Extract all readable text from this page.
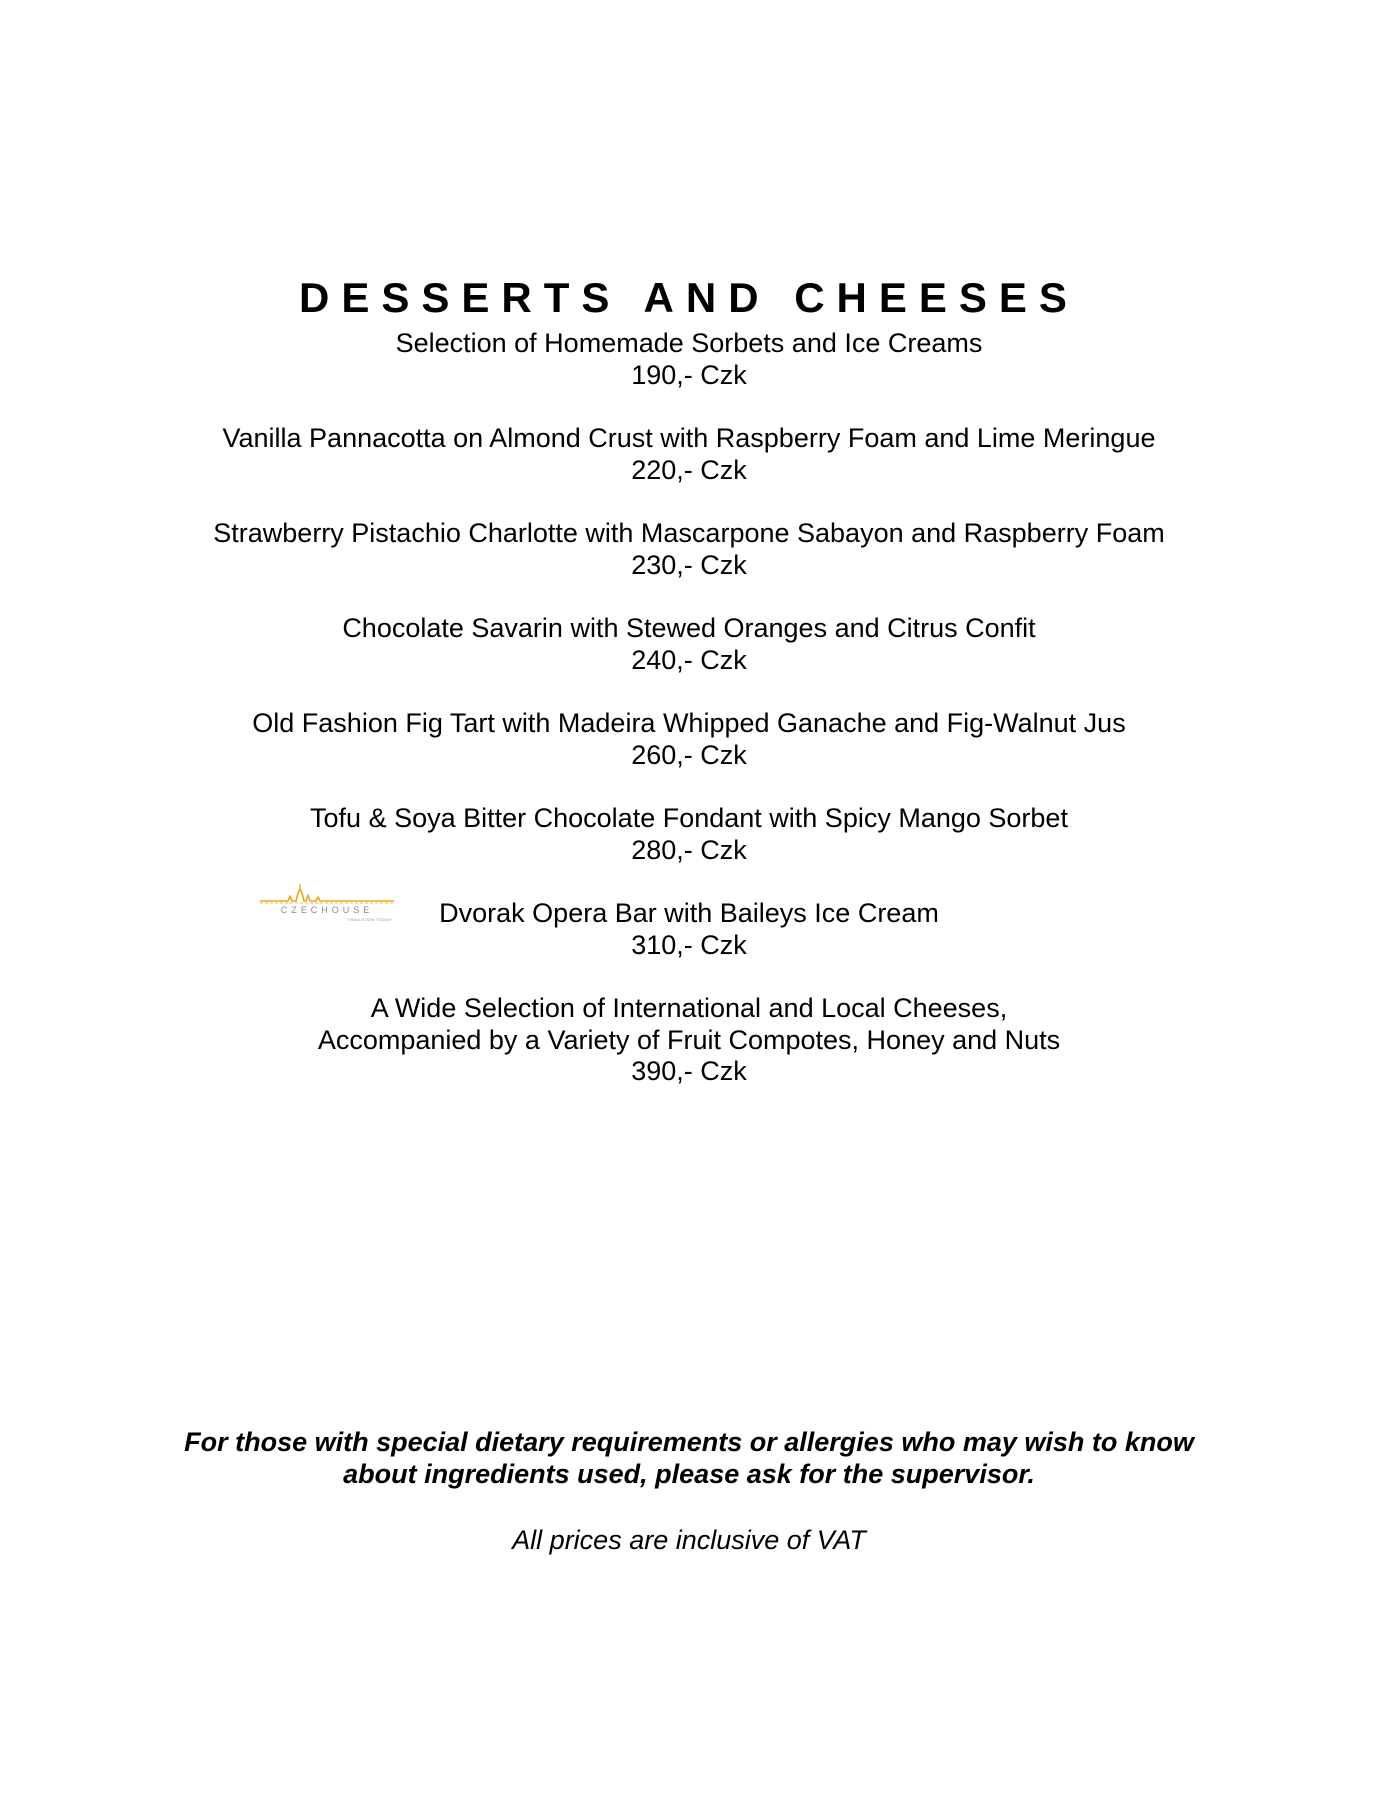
DESSERTS AND CHEESES
Selection of Homemade Sorbets and Ice Creams
190,- Czk
Vanilla Pannacotta on Almond Crust with Raspberry Foam and Lime Meringue
220,- Czk
Strawberry Pistachio Charlotte with Mascarpone Sabayon and Raspberry Foam
230,- Czk
Chocolate Savarin with Stewed Oranges and Citrus Confit
240,- Czk
Old Fashion Fig Tart with Madeira Whipped Ganache and Fig-Walnut Jus
260,- Czk
Tofu & Soya Bitter Chocolate Fondant with Spicy Mango Sorbet
280,- Czk
CZECHOUSE
TRADITION TODAY	Dvorak Opera Bar with Baileys Ice Cream
310,- Czk
A Wide Selection of International and Local Cheeses,
Accompanied by a Variety of Fruit Compotes, Honey and Nuts
390,- Czk
For those with special dietary requirements or allergies who may wish to know
about ingredients used, please ask for the supervisor.
All prices are inclusive of VAT
